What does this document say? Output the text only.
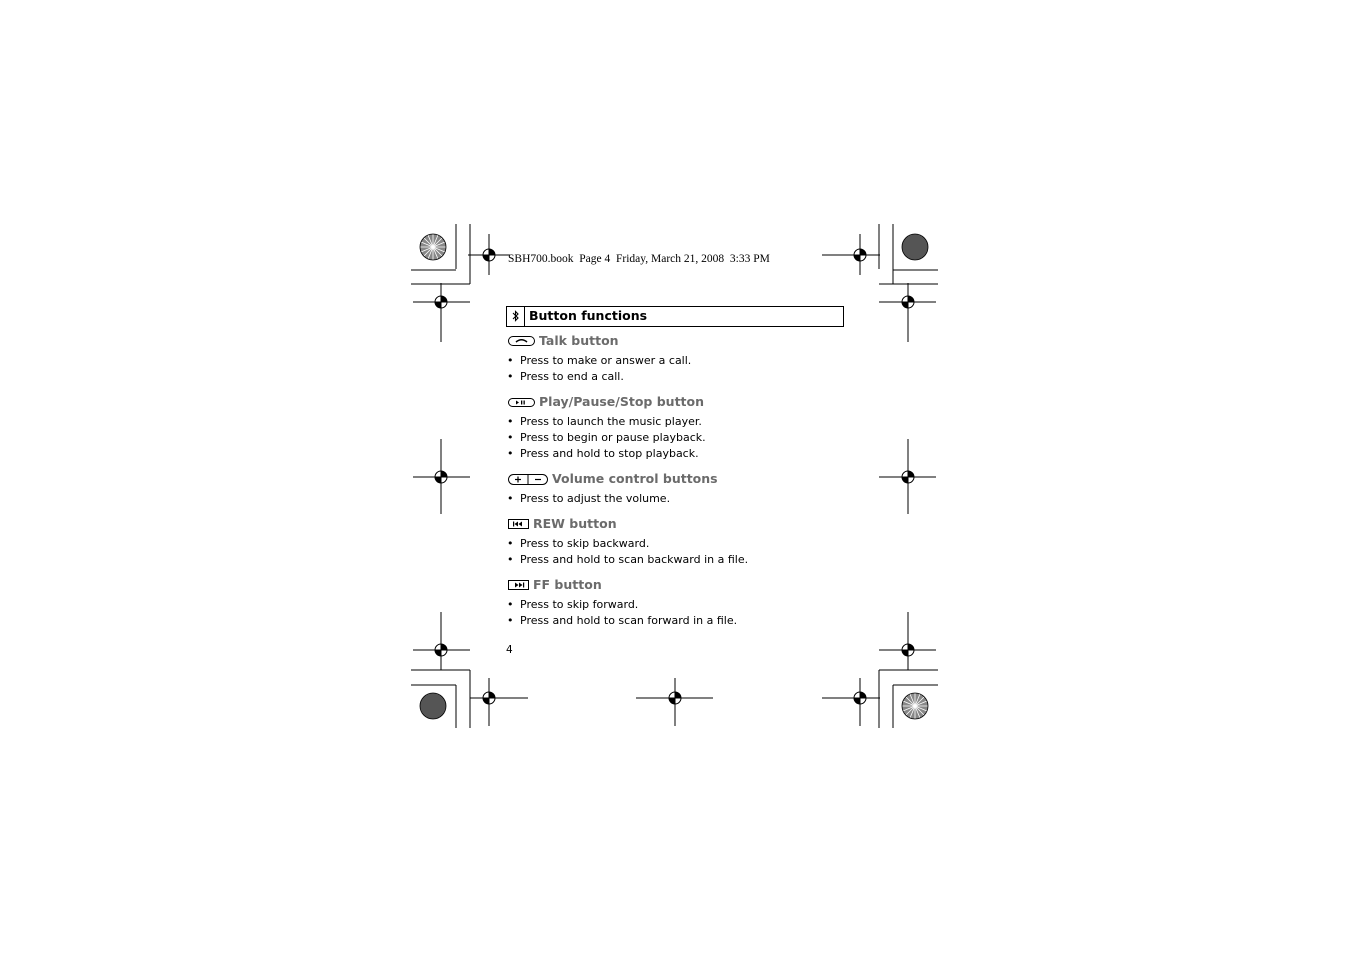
SBH700.book  Page 4  Friday, March 21, 2008  3:33 PM
Button functions
Talk button
• Press to make or answer a call.
• Press to end a call.
Play/Pause/Stop button
• Press to launch the music player.
• Press to begin or pause playback.
• Press and hold to stop playback.
Volume control buttons
• Press to adjust the volume.
REW button
• Press to skip backward.
• Press and hold to scan backward in a file.
FF button
• Press to skip forward.
• Press and hold to scan forward in a file.
4
